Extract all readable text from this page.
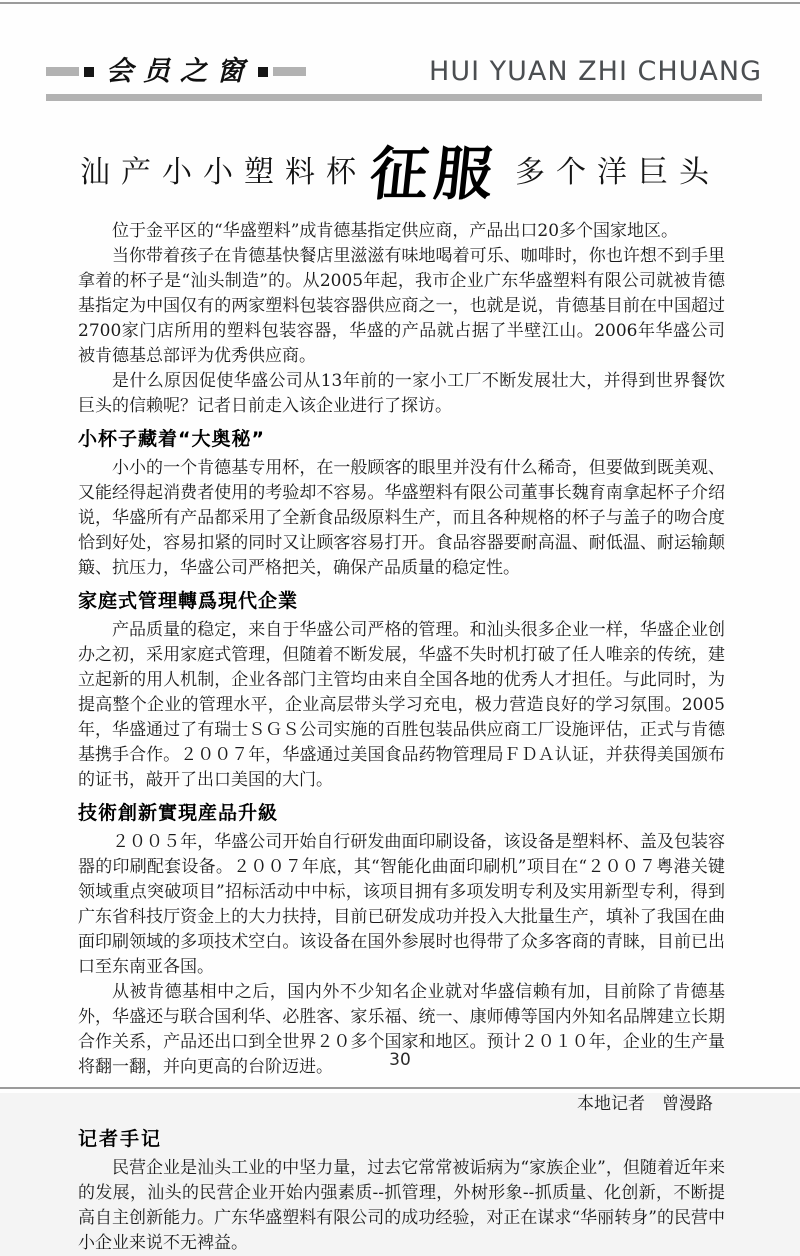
会员之窗	HUI YUAN ZHI CHUANG
汕产小小塑料杯 征服 多个洋巨头

位于金平区的“华盛塑料”成肯德基指定供应商，产品出口20多个国家地区。

当你带着孩子在肯德基快餐店里滋滋有味地喝着可乐、咖啡时，你也许想不到手里拿着的杯子是“汕头制造”的。从2005年起，我市企业广东华盛塑料有限公司就被肯德基指定为中国仅有的两家塑料包装容器供应商之一，也就是说，肯德基目前在中国超过2700家门店所用的塑料包装容器，华盛的产品就占据了半壁江山。2006年华盛公司被肯德基总部评为优秀供应商。

是什么原因促使华盛公司从13年前的一家小工厂不断发展壮大，并得到世界餐饮巨头的信赖呢？记者日前走入该企业进行了探访。

小杯子藏着“大奥秘”

小小的一个肯德基专用杯，在一般顾客的眼里并没有什么稀奇，但要做到既美观、又能经得起消费者使用的考验却不容易。华盛塑料有限公司董事长魏育南拿起杯子介绍说，华盛所有产品都采用了全新食品级原料生产，而且各种规格的杯子与盖子的吻合度恰到好处，容易扣紧的同时又让顾客容易打开。食品容器要耐高温、耐低温、耐运输颠簸、抗压力，华盛公司严格把关，确保产品质量的稳定性。

家庭式管理轉爲現代企業

产品质量的稳定，来自于华盛公司严格的管理。和汕头很多企业一样，华盛企业创办之初，采用家庭式管理，但随着不断发展，华盛不失时机打破了任人唯亲的传统，建立起新的用人机制，企业各部门主管均由来自全国各地的优秀人才担任。与此同时，为提高整个企业的管理水平，企业高层带头学习充电，极力营造良好的学习氛围。2005年，华盛通过了有瑞士ＳＧＳ公司实施的百胜包装品供应商工厂设施评估，正式与肯德基携手合作。２００７年，华盛通过美国食品药物管理局ＦＤＡ认证，并获得美国颁布的证书，敲开了出口美国的大门。

技術創新實現産品升級

２００５年，华盛公司开始自行研发曲面印刷设备，该设备是塑料杯、盖及包装容器的印刷配套设备。２００７年底，其“智能化曲面印刷机”项目在“２００７粤港关键领域重点突破项目”招标活动中中标，该项目拥有多项发明专利及实用新型专利，得到广东省科技厅资金上的大力扶持，目前已研发成功并投入大批量生产，填补了我国在曲面印刷领域的多项技术空白。该设备在国外参展时也得带了众多客商的青睐，目前已出口至东南亚各国。

从被肯德基相中之后，国内外不少知名企业就对华盛信赖有加，目前除了肯德基外，华盛还与联合国利华、必胜客、家乐福、统一、康师傅等国内外知名品牌建立长期合作关系，产品还出口到全世界２０多个国家和地区。预计２０１０年，企业的生产量将翻一翻，并向更高的台阶迈进。

本地记者　曾漫路

记者手记

民营企业是汕头工业的中坚力量，过去它常常被诟病为“家族企业”，但随着近年来的发展，汕头的民营企业开始内强素质--抓管理，外树形象--抓质量、化创新，不断提高自主创新能力。广东华盛塑料有限公司的成功经验，对正在谋求“华丽转身”的民营中小企业来说不无裨益。

30
